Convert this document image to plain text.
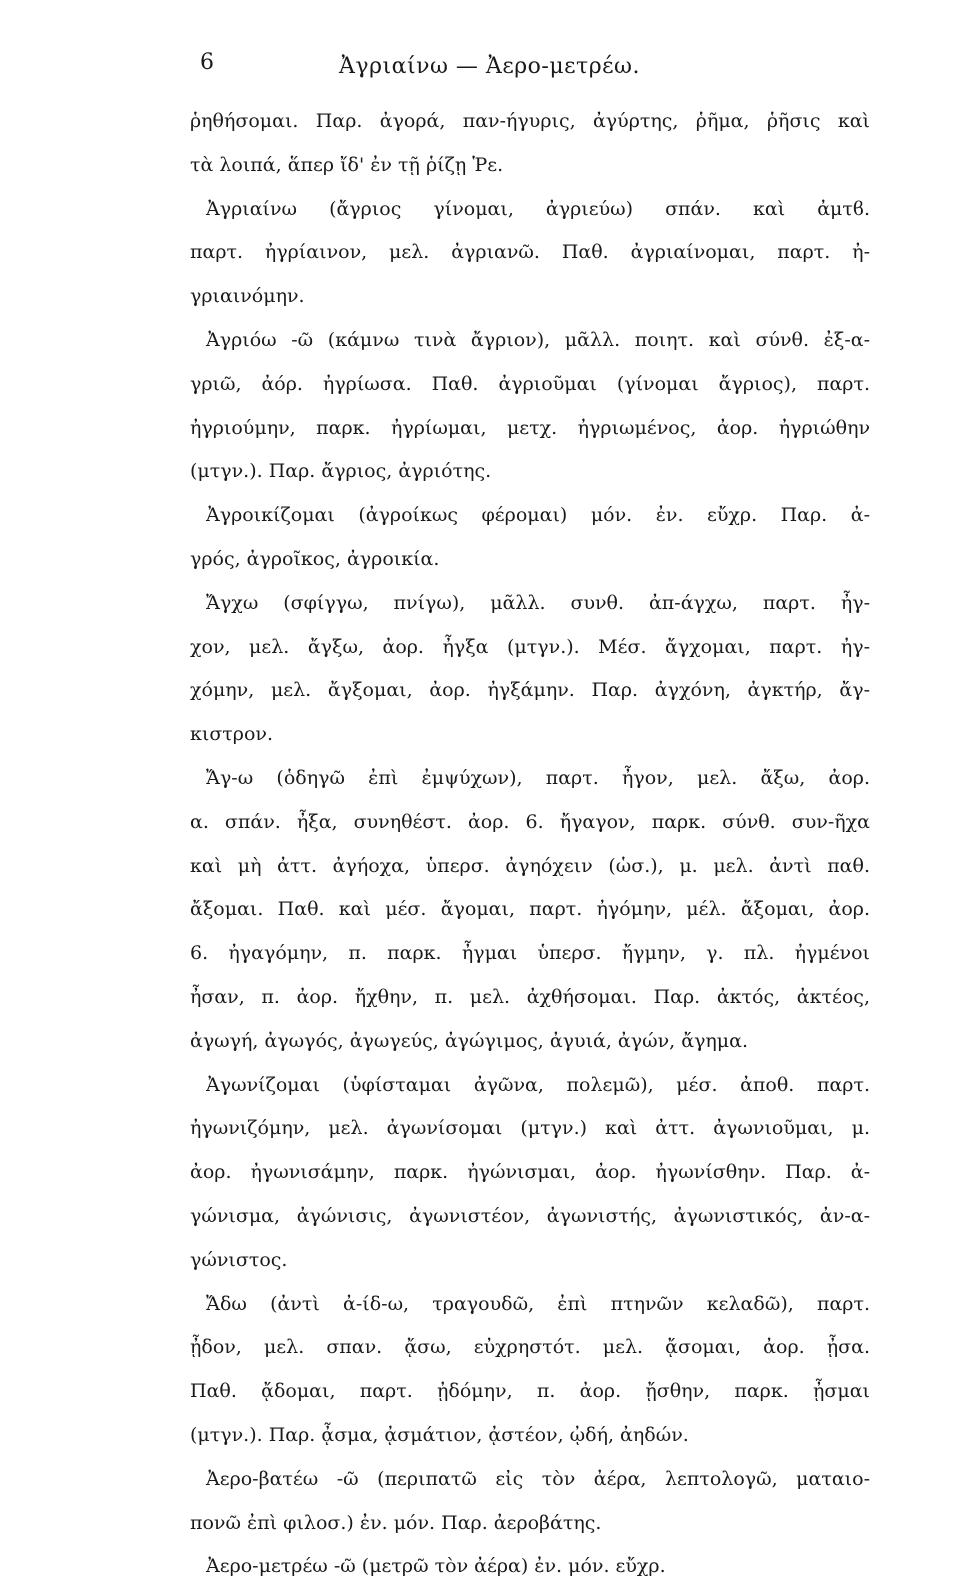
6	Ἀγριαίνω — Ἀερο-μετρέω.
ῥηθήσομαι. Παρ. ἀγορά, παν-ήγυρις, ἀγύρτης, ῥῆμα, ῥῆσις καὶ
τὰ λοιπά, ἅπερ ἴδ' ἐν τῇ ῥίζῃ Ῥε.
Ἀγριαίνω (ἄγριος γίνομαι, ἀγριεύω) σπάν. καὶ ἀμτϐ.
παρτ. ἠγρίαινον, μελ. ἀγριανῶ. Παθ. ἀγριαίνομαι, παρτ. ἠ-
γριαινόμην.
Ἀγριόω -ῶ (κάμνω τινὰ ἄγριον), μᾶλλ. ποιητ. καὶ σύνθ. ἐξ-α-
γριῶ, ἀόρ. ἠγρίωσα. Παθ. ἀγριοῦμαι (γίνομαι ἄγριος), παρτ.
ἠγριούμην, παρκ. ἠγρίωμαι, μετχ. ἠγριωμένος, ἀορ. ἠγριώθην
(μτγν.). Παρ. ἄγριος, ἀγριότης.
Ἀγροικίζομαι (ἀγροίκως φέρομαι) μόν. ἐν. εὔχρ. Παρ. ἀ-
γρός, ἀγροῖκος, ἀγροικία.
Ἄγχω (σφίγγω, πνίγω), μᾶλλ. συνθ. ἀπ-άγχω, παρτ. ἦγ-
χον, μελ. ἄγξω, ἀορ. ἦγξα (μτγν.). Μέσ. ἄγχομαι, παρτ. ἠγ-
χόμην, μελ. ἄγξομαι, ἀορ. ἠγξάμην. Παρ. ἀγχόνη, ἀγκτήρ, ἄγ-
κιστρον.
Ἄγ-ω (ὁδηγῶ ἐπὶ ἐμψύχων), παρτ. ἦγον, μελ. ἄξω, ἀορ.
α. σπάν. ἦξα, συνηθέστ. ἀορ. 6. ἤγαγον, παρκ. σύνθ. συν-ῆχα
καὶ μὴ ἀττ. ἀγήοχα, ὑπερσ. ἀγηόχειν (ὡσ.), μ. μελ. ἀντὶ παθ.
ἄξομαι. Παθ. καὶ μέσ. ἄγομαι, παρτ. ἠγόμην, μέλ. ἄξομαι, ἀορ.
6. ἠγαγόμην, π. παρκ. ἦγμαι ὑπερσ. ἤγμην, γ. πλ. ἠγμένοι
ἦσαν, π. ἀορ. ἤχθην, π. μελ. ἀχθήσομαι. Παρ. ἀκτός, ἀκτέος,
ἀγωγή, ἀγωγός, ἀγωγεύς, ἀγώγιμος, ἀγυιά, ἀγών, ἄγημα.
Ἀγωνίζομαι (ὑφίσταμαι ἀγῶνα, πολεμῶ), μέσ. ἀποθ. παρτ.
ἠγωνιζόμην, μελ. ἀγωνίσομαι (μτγν.) καὶ ἀττ. ἀγωνιοῦμαι, μ.
ἀορ. ἠγωνισάμην, παρκ. ἠγώνισμαι, ἀορ. ἠγωνίσθην. Παρ. ἀ-
γώνισμα, ἀγώνισις, ἀγωνιστέον, ἀγωνιστής, ἀγωνιστικός, ἀν-α-
γώνιστος.
Ἄδω (ἀντὶ ἀ-ίδ-ω, τραγουδῶ, ἐπὶ πτηνῶν κελαδῶ), παρτ.
ᾖδον, μελ. σπαν. ᾄσω, εὐχρηστότ. μελ. ᾄσομαι, ἀορ. ᾖσα.
Παθ. ᾄδομαι, παρτ. ᾐδόμην, π. ἀορ. ᾔσθην, παρκ. ᾖσμαι
(μτγν.). Παρ. ᾆσμα, ᾀσμάτιον, ᾀστέον, ᾠδή, ἀηδών.
Ἀερο-βατέω -ῶ (περιπατῶ εἰς τὸν ἀέρα, λεπτολογῶ, ματαιο-
πονῶ ἐπὶ φιλοσ.) ἐν. μόν. Παρ. ἀεροβάτης.
Ἀερο-μετρέω -ῶ (μετρῶ τὸν ἀέρα) ἐν. μόν. εὔχρ.
